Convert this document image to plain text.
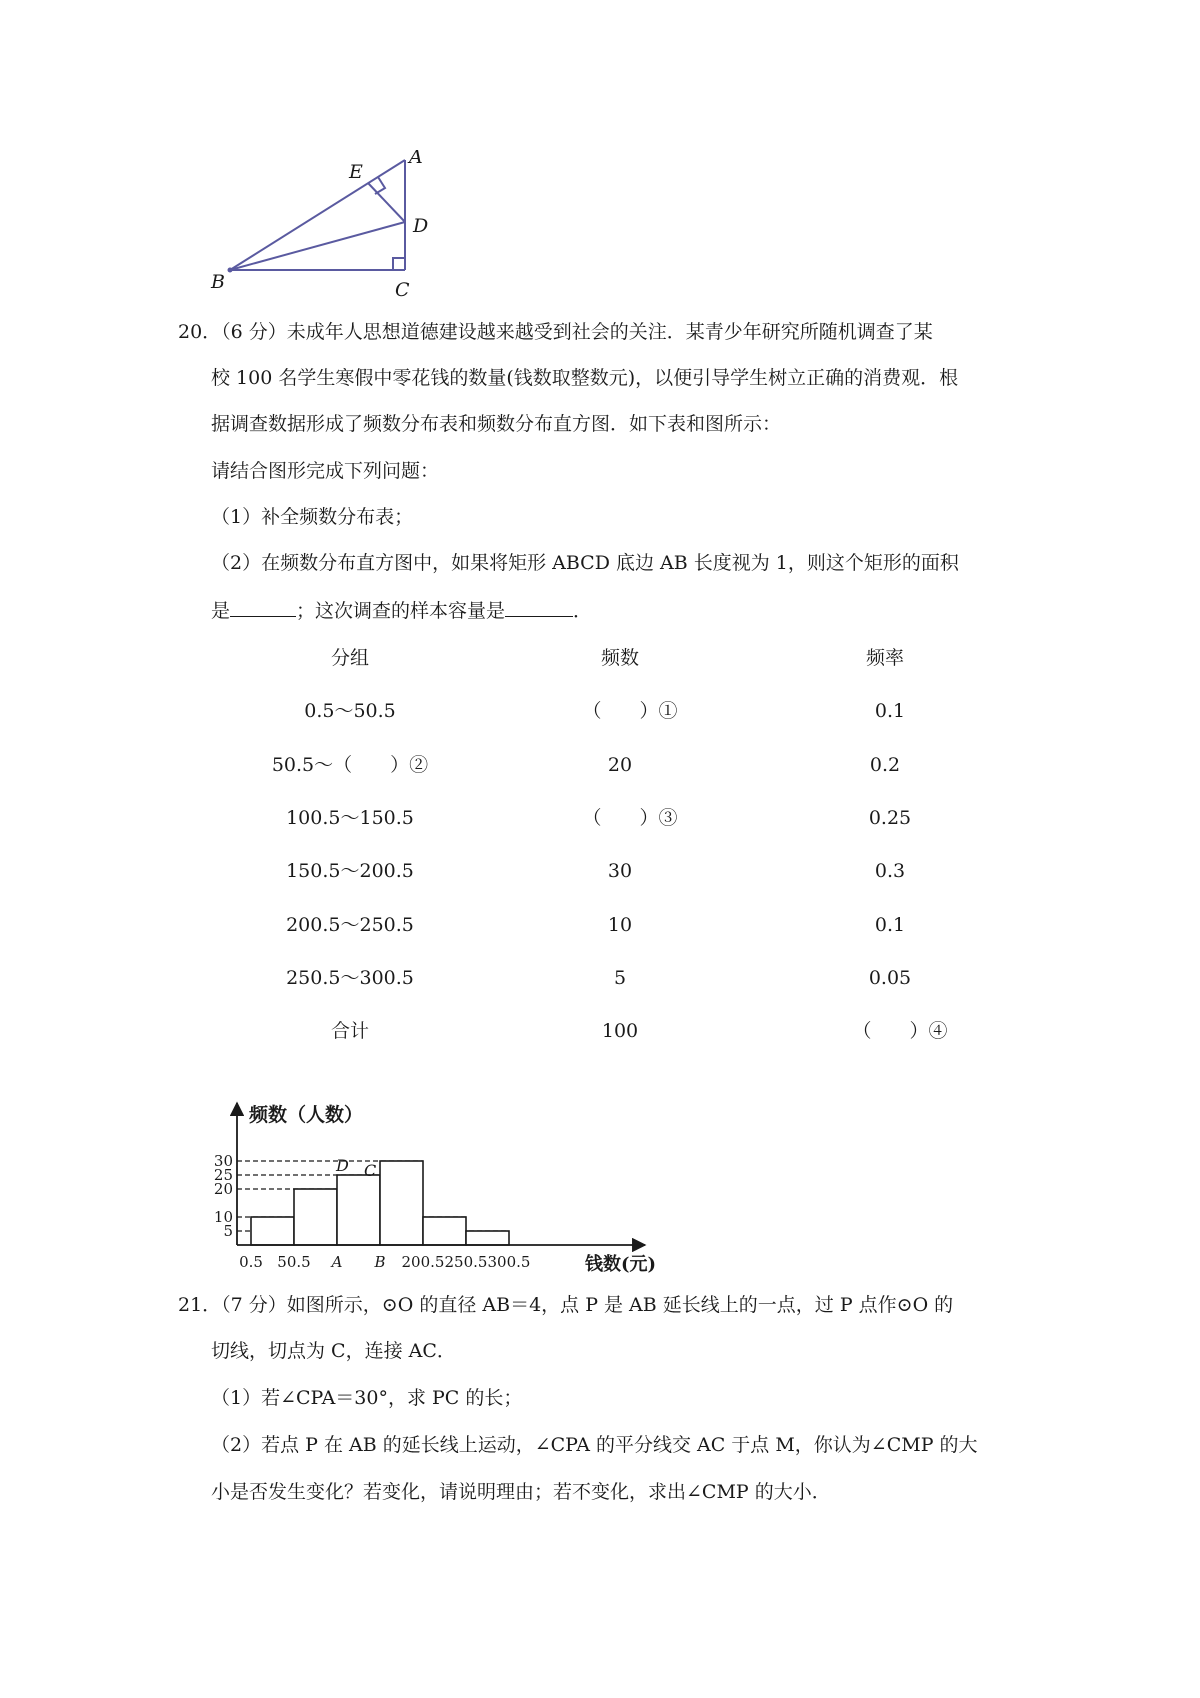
A
E
D
B	C
20．（6 分）未成年人思想道德建设越来越受到社会的关注．某青少年研究所随机调查了某
校 100 名学生寒假中零花钱的数量(钱数取整数元)，以便引导学生树立正确的消费观．根
据调查数据形成了频数分布表和频数分布直方图．如下表和图所示：
请结合图形完成下列问题：
（1）补全频数分布表；
（2）在频数分布直方图中，如果将矩形 ABCD 底边 AB 长度视为 1，则这个矩形的面积
是	；这次调查的样本容量是	．
分组	频数	频率
0.5～50.5	（　　）①	0.1
50.5～（　　）②	20	0.2
100.5～150.5	（　　）③	0.25
150.5～200.5	30	0.3
200.5～250.5	10	0.1
250.5～300.5	5	0.05
合计	100	（　　）④
频数（人数）
钱数(元)
5
10
20
25
30
0.5 50.5 A B 200.5 250.5 300.5
D C
21．（7 分）如图所示，⊙O 的直径 AB＝4，点 P 是 AB 延长线上的一点，过 P 点作⊙O 的
切线，切点为 C，连接 AC．
（1）若∠CPA＝30°，求 PC 的长；
（2）若点 P 在 AB 的延长线上运动，∠CPA 的平分线交 AC 于点 M，你认为∠CMP 的大
小是否发生变化？若变化，请说明理由；若不变化，求出∠CMP 的大小．
